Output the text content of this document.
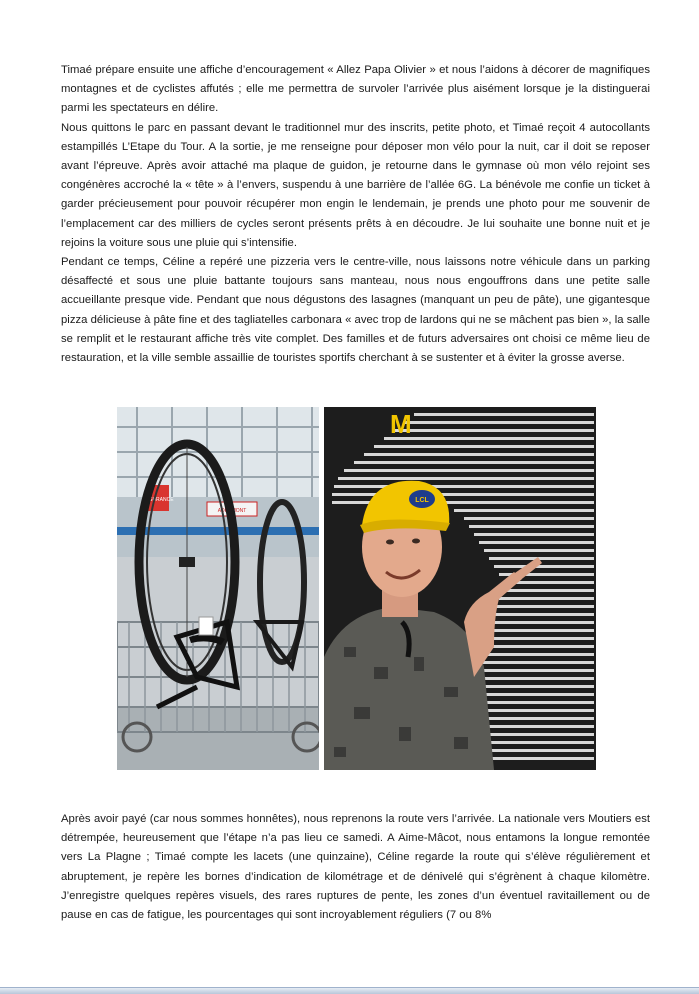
Timaé prépare ensuite une affiche d’encouragement « Allez Papa Olivier » et nous l’aidons à décorer de magnifiques montagnes et de cyclistes affutés ; elle me permettra de survoler l’arrivée plus aisément lorsque je la distinguerai parmi les spectateurs en délire.

Nous quittons le parc en passant devant le traditionnel mur des inscrits, petite photo, et Timaé reçoit 4 autocollants estampillés L’Etape du Tour. A la sortie, je me renseigne pour déposer mon vélo pour la nuit, car il doit se reposer avant l’épreuve. Après avoir attaché ma plaque de guidon, je retourne dans le gymnase où mon vélo rejoint ses congénères accroché la « tête » à l’envers, suspendu à une barrière de l’allée 6G. La bénévole me confie un ticket à garder précieusement pour pouvoir récupérer mon engin le lendemain, je prends une photo pour me souvenir de l’emplacement car des milliers de cycles seront présents prêts à en découdre. Je lui souhaite une bonne nuit et je rejoins la voiture sous une pluie qui s’intensifie.

Pendant ce temps, Céline a repéré une pizzeria vers le centre-ville, nous laissons notre véhicule dans un parking désaffecté et sous une pluie battante toujours sans manteau, nous nous engouffrons dans une petite salle accueillante presque vide. Pendant que nous dégustons des lasagnes (manquant un peu de pâte), une gigantesque pizza délicieuse à pâte fine et des tagliatelles carbonara « avec trop de lardons qui ne se mâchent pas bien », la salle se remplit et le restaurant affiche très vite complet. Des familles et de futurs adversaires ont choisi ce même lieu de restauration, et la ville semble assaillie de touristes sportifs cherchant à se sustenter et à éviter la grosse averse.

ASSURANCE
ADREMONT
M
LCL

Après avoir payé (car nous sommes honnêtes), nous reprenons la route vers l’arrivée. La nationale vers Moutiers est détrempée, heureusement que l’étape n’a pas lieu ce samedi. A Aime-Mâcot, nous entamons la longue remontée vers La Plagne ; Timaé compte les lacets (une quinzaine), Céline regarde la route qui s’élève régulièrement et abruptement, je repère les bornes d’indication de kilométrage et de dénivelé qui s’égrènent à chaque kilomètre. J’enregistre quelques repères visuels, des rares ruptures de pente, les zones d’un éventuel ravitaillement ou de pause en cas de fatigue, les pourcentages qui sont incroyablement réguliers (7 ou 8%
